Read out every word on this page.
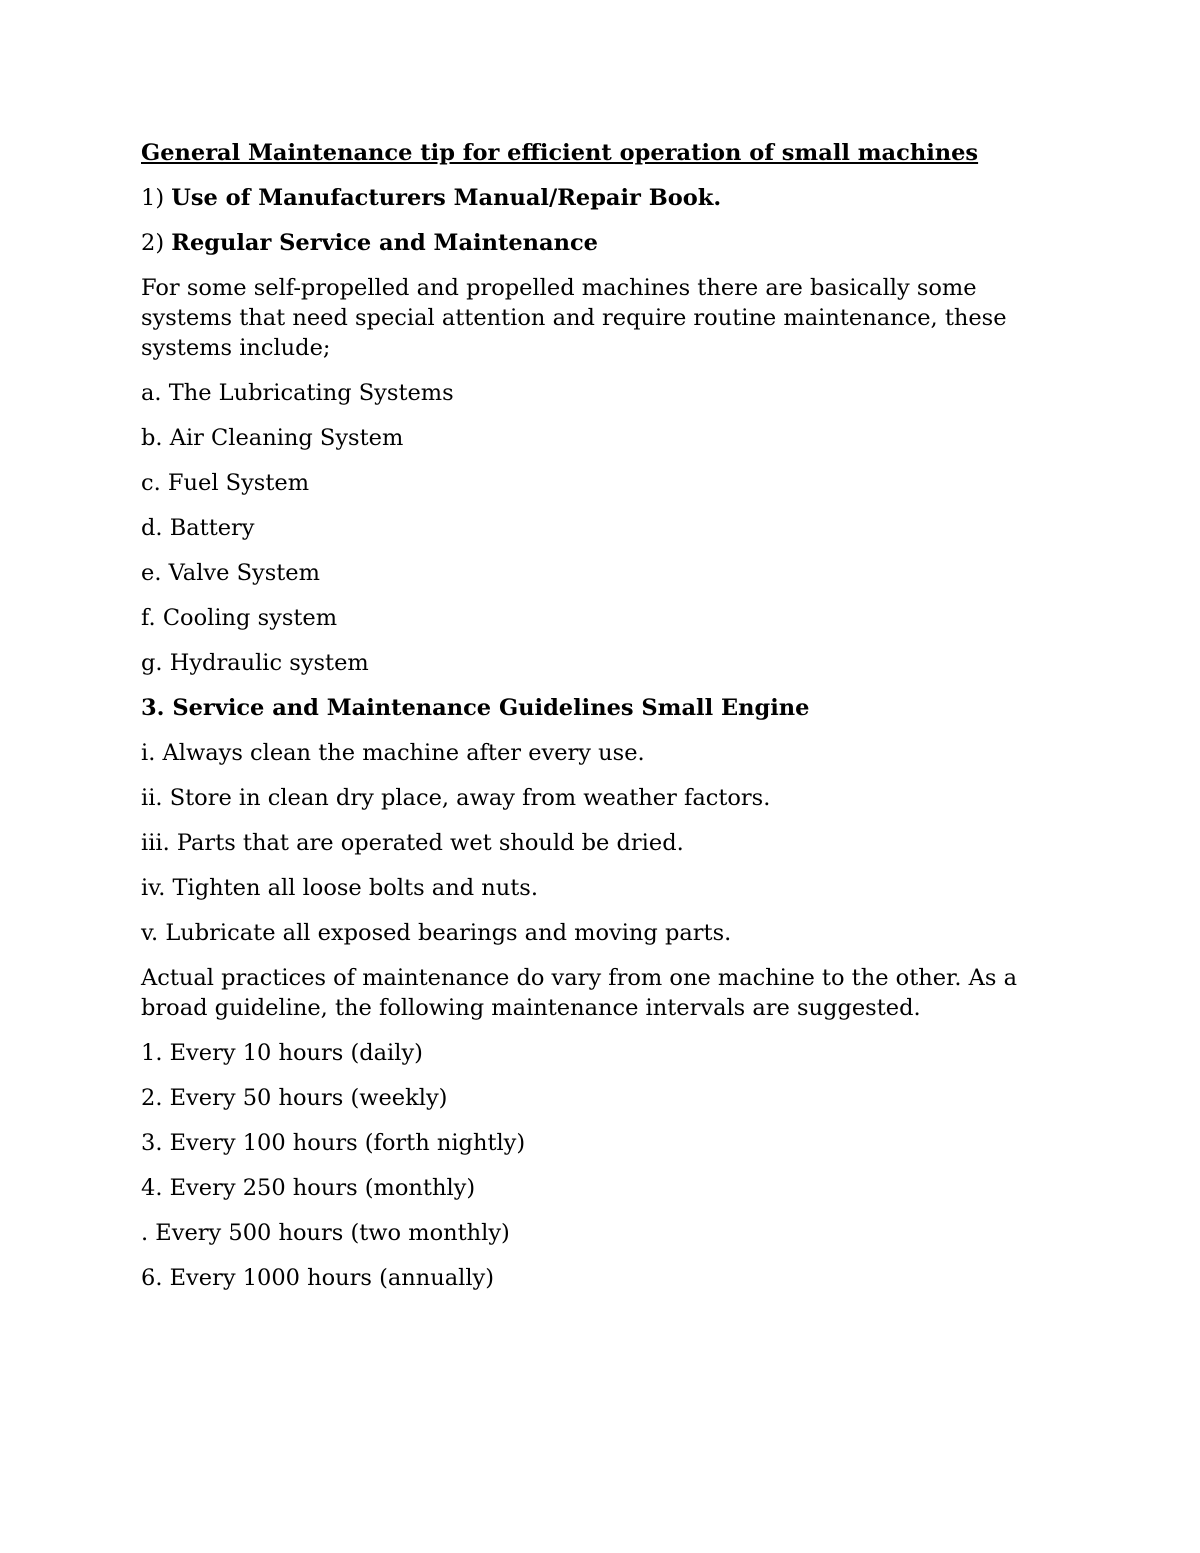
General Maintenance tip for efficient operation of small machines
1) Use of Manufacturers Manual/Repair Book.
2) Regular Service and Maintenance
For some self-propelled and propelled machines there are basically some systems that need special attention and require routine maintenance, these systems include;
a. The Lubricating Systems
b. Air Cleaning System
c. Fuel System
d. Battery
e. Valve System
f. Cooling system
g. Hydraulic system
3. Service and Maintenance Guidelines Small Engine
i. Always clean the machine after every use.
ii. Store in clean dry place, away from weather factors.
iii. Parts that are operated wet should be dried.
iv. Tighten all loose bolts and nuts.
v. Lubricate all exposed bearings and moving parts.
Actual practices of maintenance do vary from one machine to the other. As a broad guideline, the following maintenance intervals are suggested.
1. Every 10 hours (daily)
2. Every 50 hours (weekly)
3. Every 100 hours (forth nightly)
4. Every 250 hours (monthly)
. Every 500 hours (two monthly)
6. Every 1000 hours (annually)
